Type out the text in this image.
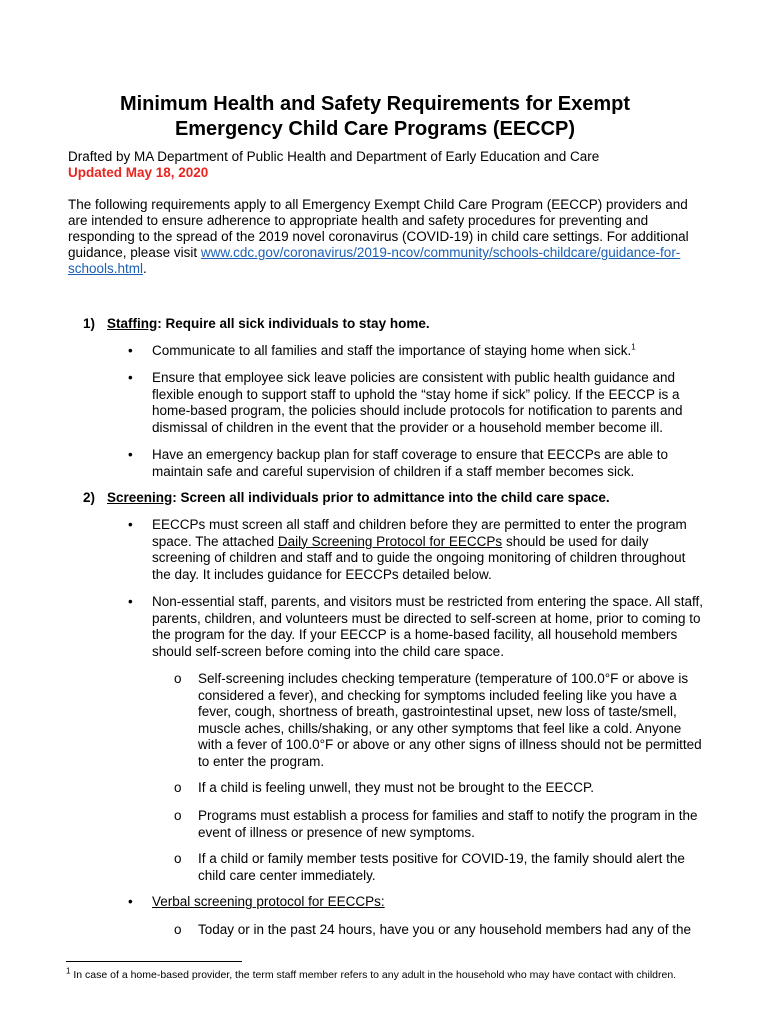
Minimum Health and Safety Requirements for Exempt
Emergency Child Care Programs (EECCP)
Drafted by MA Department of Public Health and Department of Early Education and Care
Updated May 18, 2020
The following requirements apply to all Emergency Exempt Child Care Program (EECCP) providers and are intended to ensure adherence to appropriate health and safety procedures for preventing and responding to the spread of the 2019 novel coronavirus (COVID-19) in child care settings. For additional guidance, please visit www.cdc.gov/coronavirus/2019-ncov/community/schools-childcare/guidance-for-schools.html.
1) Staffing: Require all sick individuals to stay home.
• Communicate to all families and staff the importance of staying home when sick.$^1$
• Ensure that employee sick leave policies are consistent with public health guidance and flexible enough to support staff to uphold the “stay home if sick” policy. If the EECCP is a home-based program, the policies should include protocols for notification to parents and dismissal of children in the event that the provider or a household member become ill.
• Have an emergency backup plan for staff coverage to ensure that EECCPs are able to maintain safe and careful supervision of children if a staff member becomes sick.
2) Screening: Screen all individuals prior to admittance into the child care space.
• EECCPs must screen all staff and children before they are permitted to enter the program space. The attached Daily Screening Protocol for EECCPs should be used for daily screening of children and staff and to guide the ongoing monitoring of children throughout the day. It includes guidance for EECCPs detailed below.
• Non-essential staff, parents, and visitors must be restricted from entering the space. All staff, parents, children, and volunteers must be directed to self-screen at home, prior to coming to the program for the day. If your EECCP is a home-based facility, all household members should self-screen before coming into the child care space.
o Self-screening includes checking temperature (temperature of 100.0°F or above is considered a fever), and checking for symptoms included feeling like you have a fever, cough, shortness of breath, gastrointestinal upset, new loss of taste/smell, muscle aches, chills/shaking, or any other symptoms that feel like a cold. Anyone with a fever of 100.0°F or above or any other signs of illness should not be permitted to enter the program.
o If a child is feeling unwell, they must not be brought to the EECCP.
o Programs must establish a process for families and staff to notify the program in the event of illness or presence of new symptoms.
o If a child or family member tests positive for COVID-19, the family should alert the child care center immediately.
• Verbal screening protocol for EECCPs:
o Today or in the past 24 hours, have you or any household members had any of the
$^1$ In case of a home-based provider, the term staff member refers to any adult in the household who may have contact with children.
